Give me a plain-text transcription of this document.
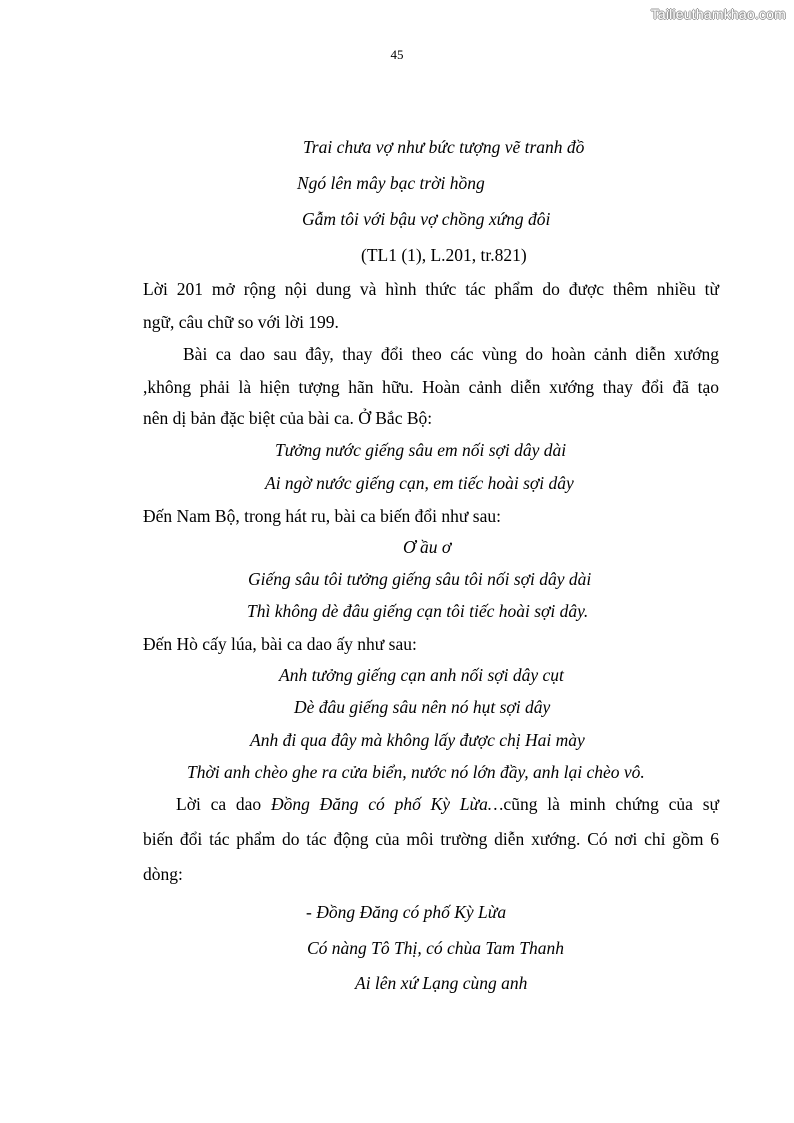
Tailieuthamkhao.com
45
Trai chưa vợ như bức tượng vẽ tranh đồ
Ngó lên mây bạc trời hồng
Gẫm tôi với bậu vợ chồng xứng đôi
(TL1 (1), L.201, tr.821)
Lời 201 mở rộng nội dung và hình thức tác phẩm do được thêm nhiều từ
ngữ, câu chữ so với lời 199.
Bài ca dao sau đây, thay đổi theo các vùng do hoàn cảnh diễn xướng
,không phải là hiện tượng hãn hữu. Hoàn cảnh diễn xướng thay đổi đã tạo
nên dị bản đặc biệt của bài ca. Ở Bắc Bộ:
Tưởng nước giếng sâu em nối sợi dây dài
Ai ngờ nước giếng cạn, em tiếc hoài sợi dây
Đến Nam Bộ, trong hát ru, bài ca biến đổi như sau:
Ơ ầu ơ
Giếng sâu tôi tưởng giếng sâu tôi nối sợi dây dài
Thì không dè đâu giếng cạn tôi tiếc hoài sợi dây.
Đến Hò cấy lúa, bài ca dao ấy như sau:
Anh tưởng giếng cạn anh nối sợi dây cụt
Dè đâu giếng sâu nên nó hụt sợi dây
Anh đi qua đây mà không lấy được chị Hai mày
Thời anh chèo ghe ra cửa biển, nước nó lớn đầy, anh lại chèo vô.
Lời ca dao Đồng Đăng có phố Kỳ Lừa…cũng là minh chứng của sự
biến đổi tác phẩm do tác động của môi trường diễn xướng. Có nơi chỉ gồm 6
dòng:
- Đồng Đăng có phố Kỳ Lừa
Có nàng Tô Thị, có chùa Tam Thanh
Ai lên xứ Lạng cùng anh
